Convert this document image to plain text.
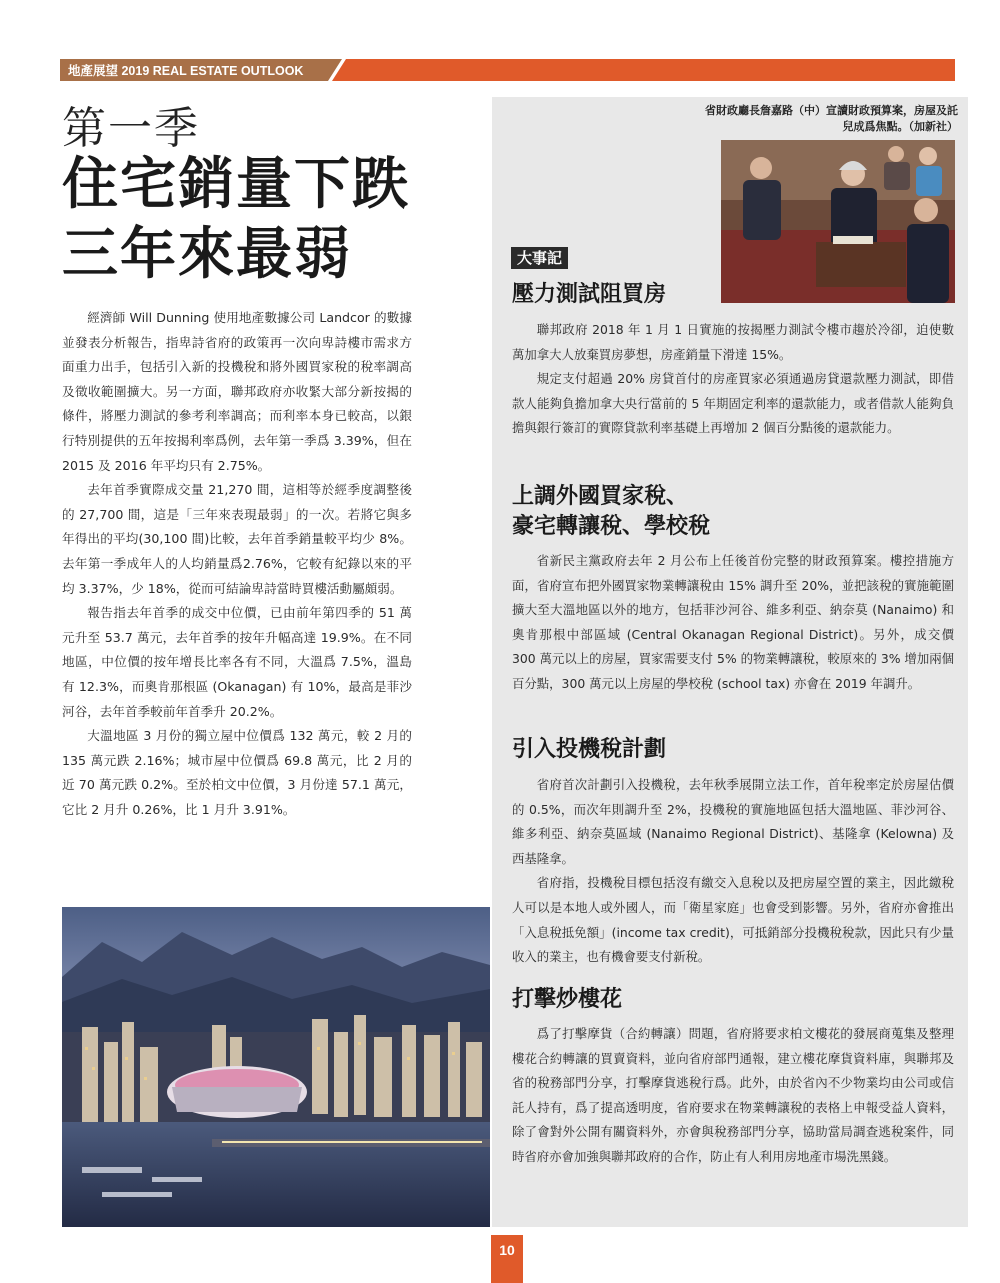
地產展望 2019 REAL ESTATE OUTLOOK
第一季
住宅銷量下跌
三年來最弱

經濟師 Will Dunning 使用地產數據公司 Landcor 的數據並發表分析報告，指卑詩省府的政策再一次向卑詩樓市需求方面重力出手，包括引入新的投機稅和將外國買家稅的稅率調高及徵收範圍擴大。另一方面，聯邦政府亦收緊大部分新按揭的條件，將壓力測試的參考利率調高；而利率本身已較高，以銀行特別提供的五年按揭利率爲例，去年第一季爲 3.39%，但在 2015 及 2016 年平均只有 2.75%。

去年首季實際成交量 21,270 間，這相等於經季度調整後的 27,700 間，這是「三年來表現最弱」的一次。若將它與多年得出的平均(30,100 間)比較，去年首季銷量較平均少 8%。去年第一季成年人的人均銷量爲2.76%，它較有紀錄以來的平均 3.37%，少 18%，從而可結論卑詩當時買樓活動屬頗弱。

報告指去年首季的成交中位價，已由前年第四季的 51 萬元升至 53.7 萬元，去年首季的按年升幅高達 19.9%。在不同地區，中位價的按年增長比率各有不同，大溫爲 7.5%，溫島有 12.3%，而奧肯那根區 (Okanagan) 有 10%，最高是菲沙河谷，去年首季較前年首季升 20.2%。

大溫地區 3 月份的獨立屋中位價爲 132 萬元，較 2 月的 135 萬元跌 2.16%；城市屋中位價爲 69.8 萬元，比 2 月的近 70 萬元跌 0.2%。至於柏文中位價，3 月份達 57.1 萬元，它比 2 月升 0.26%，比 1 月升 3.91%。

省財政廳長詹嘉路（中）宣讀財政預算案，房屋及託兒成爲焦點。（加新社）
大事記
壓力測試阻買房

聯邦政府 2018 年 1 月 1 日實施的按揭壓力測試令樓市趨於冷卻，迫使數萬加拿大人放棄買房夢想，房產銷量下滑達 15%。

規定支付超過 20% 房貸首付的房產買家必須通過房貸還款壓力測試，即借款人能夠負擔加拿大央行當前的 5 年期固定利率的還款能力，或者借款人能夠負擔與銀行簽訂的實際貸款利率基礎上再增加 2 個百分點後的還款能力。

上調外國買家稅、
豪宅轉讓稅、學校稅

省新民主黨政府去年 2 月公布上任後首份完整的財政預算案。樓控措施方面，省府宣布把外國買家物業轉讓稅由 15% 調升至 20%，並把該稅的實施範圍擴大至大溫地區以外的地方，包括菲沙河谷、維多利亞、納奈莫 (Nanaimo) 和奧肯那根中部區域 (Central Okanagan Regional District)。另外，成交價 300 萬元以上的房屋，買家需要支付 5% 的物業轉讓稅，較原來的 3% 增加兩個百分點，300 萬元以上房屋的學校稅 (school tax) 亦會在 2019 年調升。

引入投機稅計劃

省府首次計劃引入投機稅，去年秋季展開立法工作，首年稅率定於房屋估價的 0.5%，而次年則調升至 2%，投機稅的實施地區包括大溫地區、菲沙河谷、維多利亞、納奈莫區域 (Nanaimo Regional District)、基隆拿 (Kelowna) 及西基隆拿。

省府指，投機稅目標包括沒有繳交入息稅以及把房屋空置的業主，因此繳稅人可以是本地人或外國人，而「衛星家庭」也會受到影響。另外，省府亦會推出「入息稅抵免額」(income tax credit)，可抵銷部分投機稅稅款，因此只有少量收入的業主，也有機會要支付新稅。

打擊炒樓花

爲了打擊摩貨（合約轉讓）問題，省府將要求柏文樓花的發展商蒐集及整理樓花合約轉讓的買賣資料，並向省府部門通報，建立樓花摩貨資料庫，與聯邦及省的稅務部門分享，打擊摩貨逃稅行爲。此外，由於省內不少物業均由公司或信託人持有，爲了提高透明度，省府要求在物業轉讓稅的表格上申報受益人資料，除了會對外公開有關資料外，亦會與稅務部門分享，協助當局調查逃稅案件，同時省府亦會加強與聯邦政府的合作，防止有人利用房地產市場洗黑錢。

10
